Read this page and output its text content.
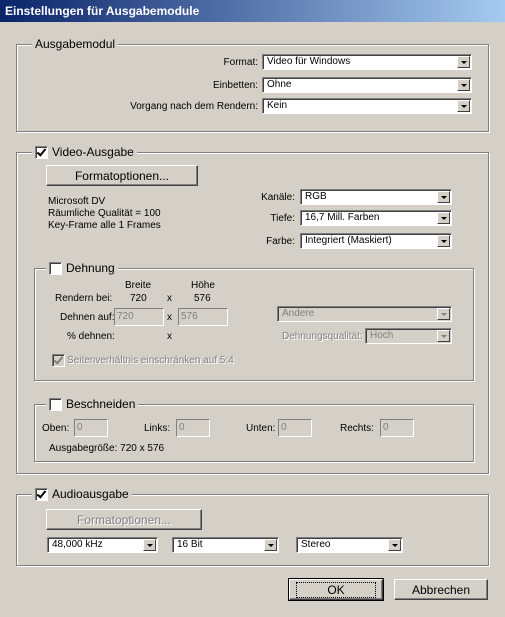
Einstellungen für Ausgabemodule
Ausgabemodul
Format: Video für Windows
Einbetten: Ohne
Vorgang nach dem Rendern: Kein
Video-Ausgabe
Formatoptionen...
Microsoft DV
Räumliche Qualität = 100
Key-Frame alle 1 Frames
Kanäle: RGB
Tiefe: 16,7 Mill. Farben
Farbe: Integriert (Maskiert)
Dehnung
Breite	Höhe
Rendern bei: 720 x 576
Dehnen auf: 720	x 576
% dehnen:	x
Andere
Dehnungsqualität: Hoch
Seitenverhältnis einschränken auf 5:4
Beschneiden
Oben: 0	Links: 0	Unten: 0	Rechts: 0
Ausgabegröße: 720 x 576
Audioausgabe
Formatoptionen...
48,000 kHz	16 Bit	Stereo
OK	Abbrechen
